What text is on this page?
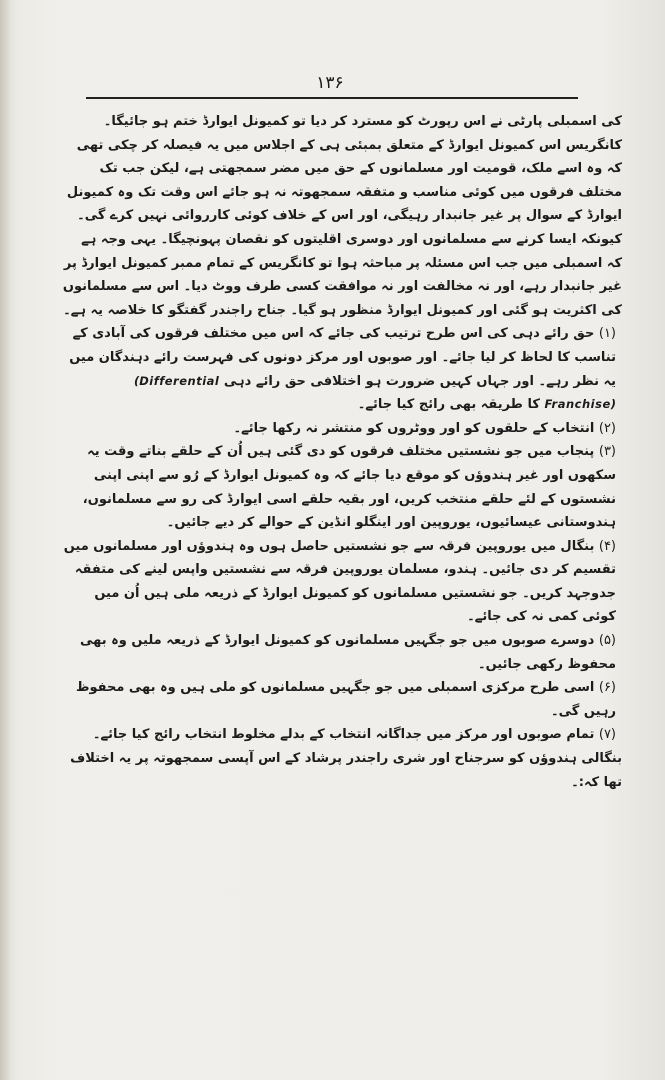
۱۳۶

کی اسمبلی پارٹی نے اس رپورٹ کو مسترد کر دیا تو کمیونل ایوارڈ ختم ہو جائیگا۔ کانگریس اس کمیونل ایوارڈ کے متعلق بمبئی ہی کے اجلاس میں یہ فیصلہ کر چکی تھی کہ وہ اسے ملک، قومیت اور مسلمانوں کے حق میں مضر سمجھتی ہے، لیکن جب تک مختلف فرقوں میں کوئی مناسب و متفقہ سمجھوتہ نہ ہو جائے اس وقت تک وہ کمیونل ایوارڈ کے سوال پر غیر جانبدار رہیگی، اور اس کے خلاف کوئی کارروائی نہیں کرے گی۔ کیونکہ ایسا کرنے سے مسلمانوں اور دوسری اقلیتوں کو نقصان پہونچیگا۔ یہی وجہ ہے کہ اسمبلی میں جب اس مسئلہ پر مباحثہ ہوا تو کانگریس کے تمام ممبر کمیونل ایوارڈ پر غیر جانبدار رہے، اور نہ مخالفت اور نہ موافقت کسی طرف ووٹ دیا۔ اس سے مسلمانوں کی اکثریت ہو گئی اور کمیونل ایوارڈ منظور ہو گیا۔ جناح راجندر گفتگو کا خلاصہ یہ ہے۔

(۱) حق رائے دہی کی اس طرح ترتیب کی جائے کہ اس میں مختلف فرقوں کی آبادی کے تناسب کا لحاظ کر لیا جائے۔ اور صوبوں اور مرکز دونوں کی فہرست رائے دہندگان میں یہ نظر رہے۔ اور جہاں کہیں ضرورت ہو اختلافی حق رائے دہی (Differential Franchise) کا طریقہ بھی رائج کیا جائے۔

(۲) انتخاب کے حلقوں کو اور ووٹروں کو منتشر نہ رکھا جائے۔

(۳) پنجاب میں جو نشستیں مختلف فرقوں کو دی گئی ہیں اُن کے حلقے بناتے وقت یہ سکھوں اور غیر ہندوؤں کو موقع دیا جائے کہ وہ کمیونل ایوارڈ کے رُو سے اپنی اپنی نشستوں کے لئے حلقے منتخب کریں، اور بقیہ حلقے اسی ایوارڈ کی رو سے مسلمانوں، ہندوستانی عیسائیوں، یوروپین اور اینگلو انڈین کے حوالے کر دیے جائیں۔

(۴) بنگال میں یوروپین فرقہ سے جو نشستیں حاصل ہوں وہ ہندوؤں اور مسلمانوں میں تقسیم کر دی جائیں۔ ہندو، مسلمان یوروپین فرقہ سے نشستیں واپس لینے کی متفقہ جدوجہد کریں۔ جو نشستیں مسلمانوں کو کمیونل ایوارڈ کے ذریعہ ملی ہیں اُن میں کوئی کمی نہ کی جائے۔

(۵) دوسرے صوبوں میں جو جگہیں مسلمانوں کو کمیونل ایوارڈ کے ذریعہ ملیں وہ بھی محفوظ رکھی جائیں۔

(۶) اسی طرح مرکزی اسمبلی میں جو جگہیں مسلمانوں کو ملی ہیں وہ بھی محفوظ رہیں گی۔

(۷) تمام صوبوں اور مرکز میں جداگانہ انتخاب کے بدلے مخلوط انتخاب رائج کیا جائے۔

بنگالی ہندوؤں کو سرجناح اور شری راجندر پرشاد کے اس آپسی سمجھوتہ پر یہ اختلاف تھا کہ:۔
